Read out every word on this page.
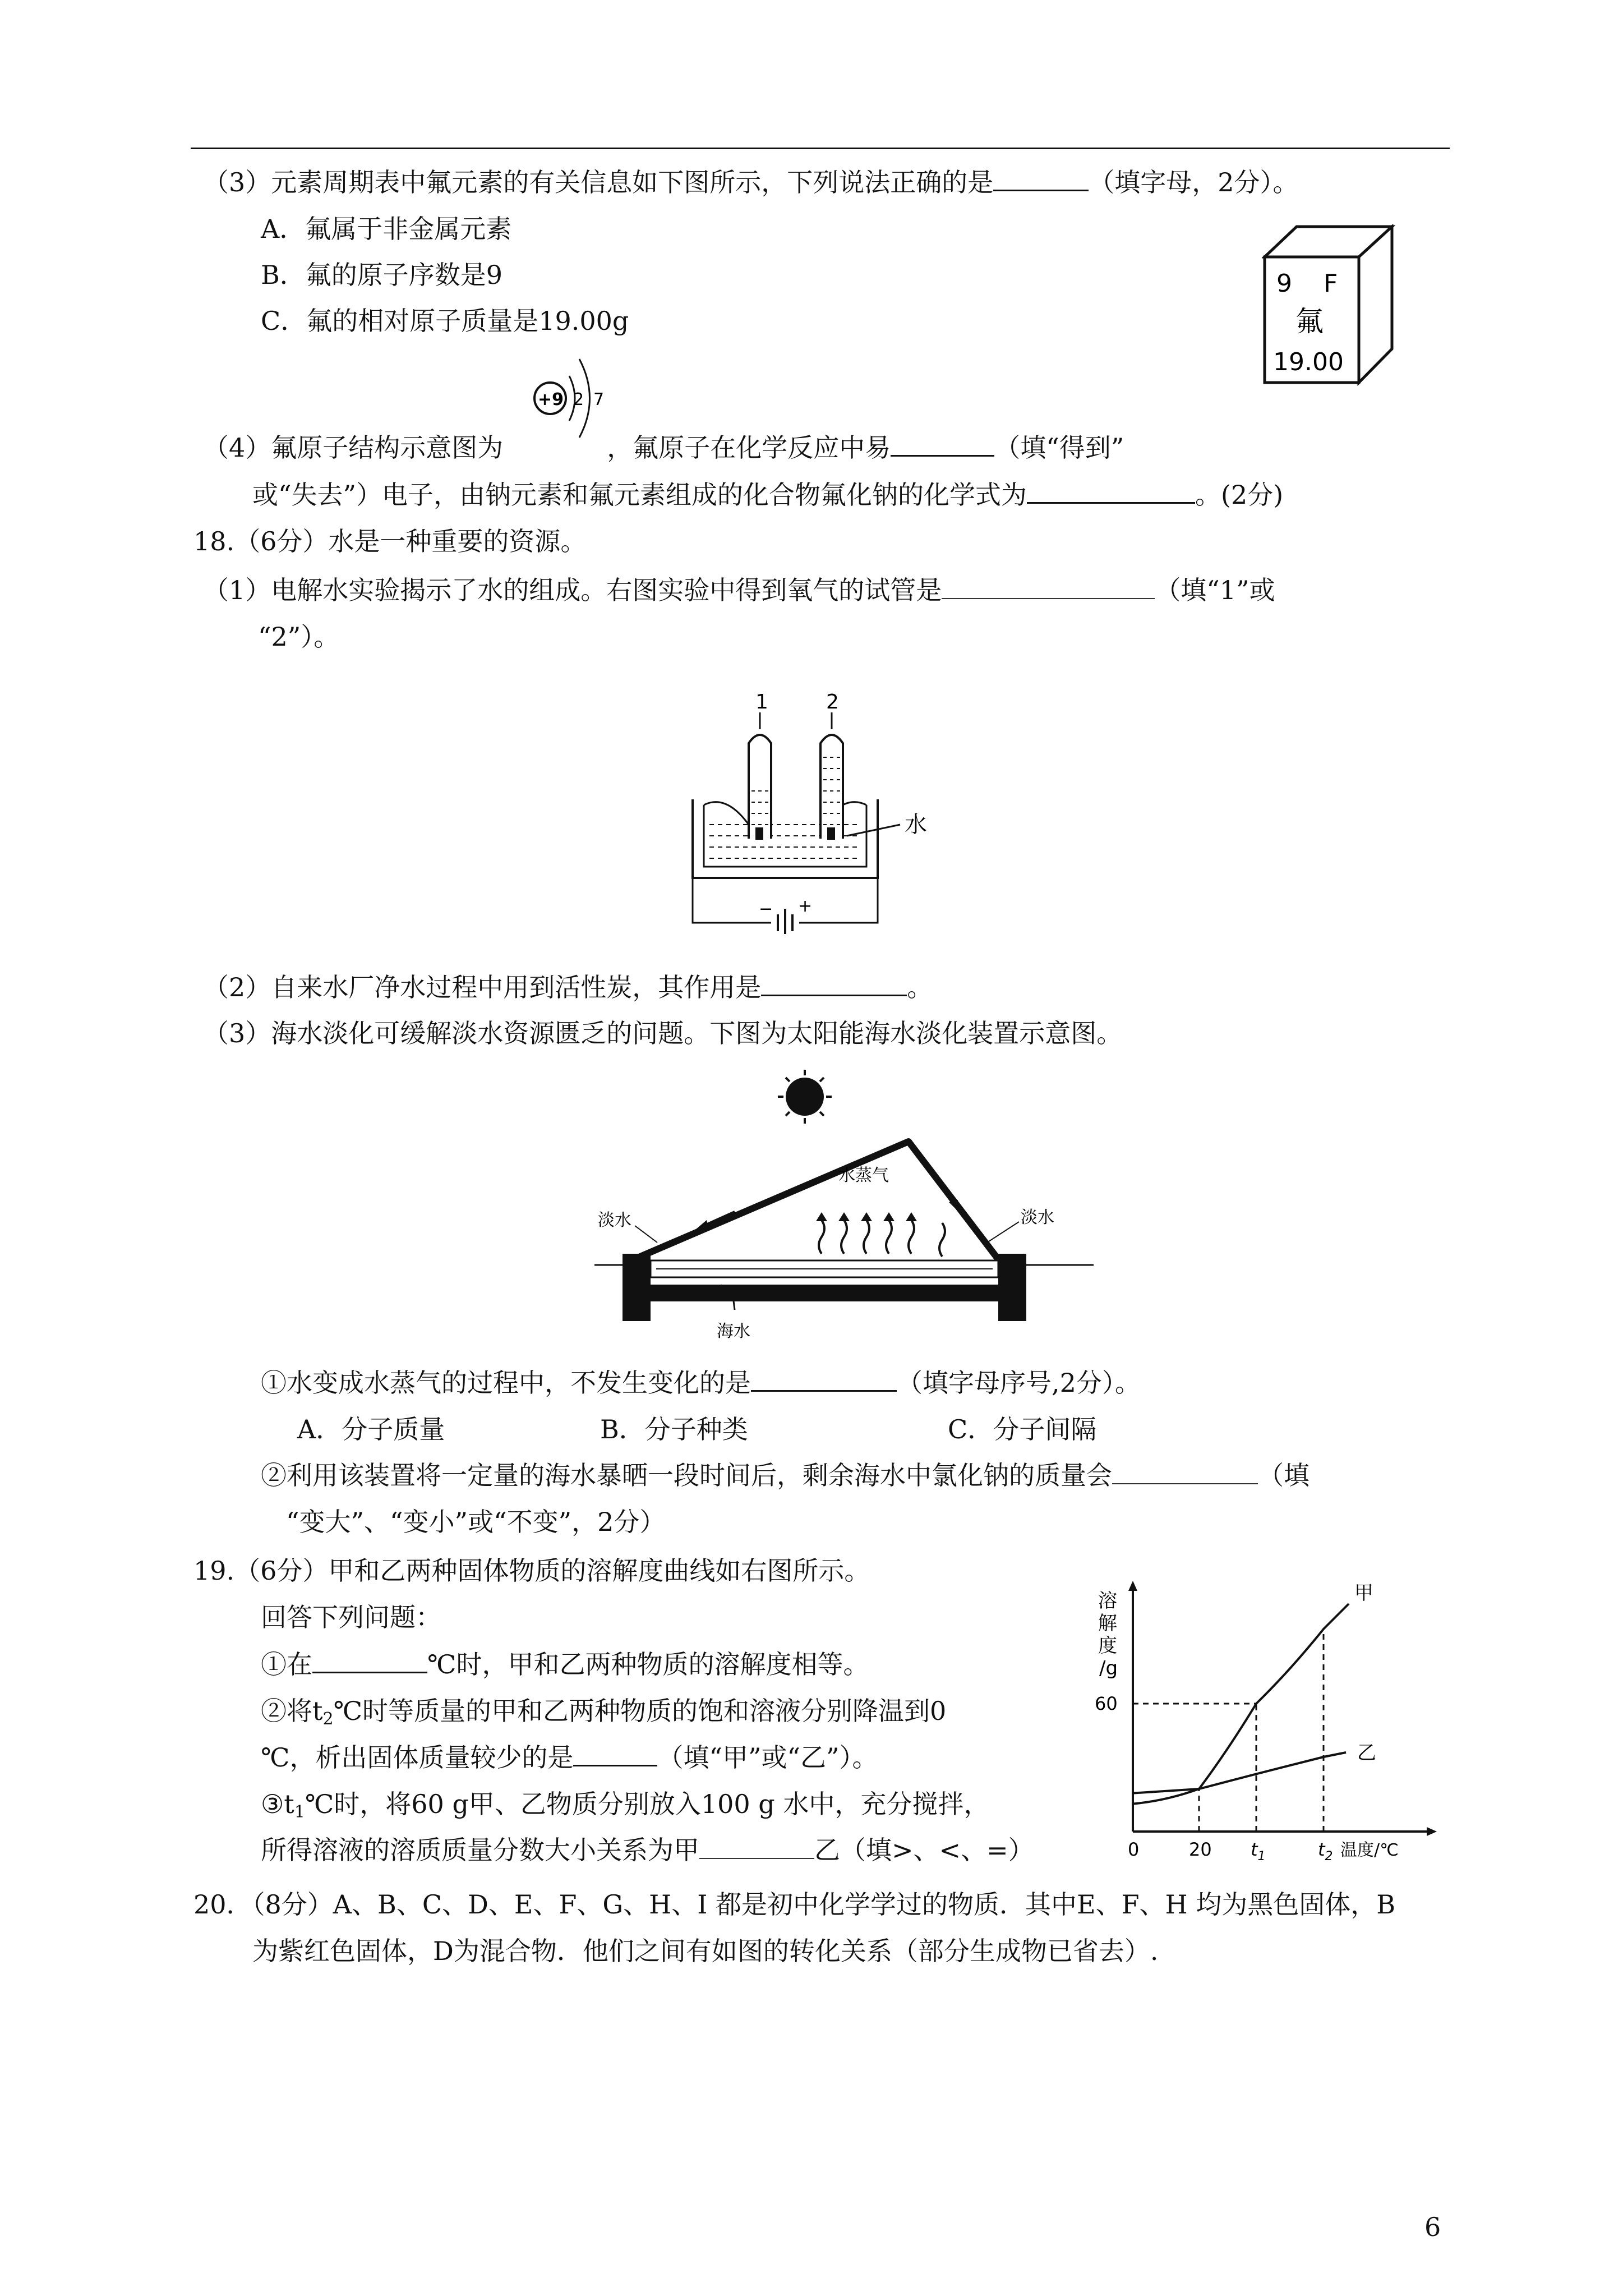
（3）元素周期表中氟元素的有关信息如下图所示，下列说法正确的是	（填字母，2分）。
A．氟属于非金属元素
B．氟的原子序数是9
C．氟的相对原子质量是19.00g
9 F
氟
19.00
+9 2 7
（4）氟原子结构示意图为	，氟原子在化学反应中易	（填“得到”
或“失去”）电子，由钠元素和氟元素组成的化合物氟化钠的化学式为	。(2分)
18.（6分）水是一种重要的资源。
（1）电解水实验揭示了水的组成。右图实验中得到氧气的试管是	（填“1”或
“2”）。
1	2
水
− +
（2）自来水厂净水过程中用到活性炭，其作用是	。
（3）海水淡化可缓解淡水资源匮乏的问题。下图为太阳能海水淡化装置示意图。
水蒸气
淡水	淡水
海水
①水变成水蒸气的过程中，不发生变化的是	（填字母序号,2分）。
A．分子质量	B．分子种类	C．分子间隔
②利用该装置将一定量的海水暴晒一段时间后，剩余海水中氯化钠的质量会	（填
“变大”、“变小”或“不变”，2分）
19.（6分）甲和乙两种固体物质的溶解度曲线如右图所示。
回答下列问题：
①在	℃时，甲和乙两种物质的溶解度相等。
②将$t_2℃$时等质量的甲和乙两种物质的饱和溶液分别降温到0
℃，析出固体质量较少的是	（填“甲”或“乙”）。
$③t_1℃$时，将60 g甲、乙物质分别放入100 g 水中，充分搅拌，
所得溶液的溶质质量分数大小关系为甲	乙（填>、<、=）
溶
解
度
/g
0	20 $t_1$	$t_2$
60
甲
乙
温度/℃
20．（8分）A、B、C、D、E、F、G、H、I 都是初中化学学过的物质．其中E、F、H 均为黑色固体，B
为紫红色固体，D为混合物．他们之间有如图的转化关系（部分生成物已省去）.
6
